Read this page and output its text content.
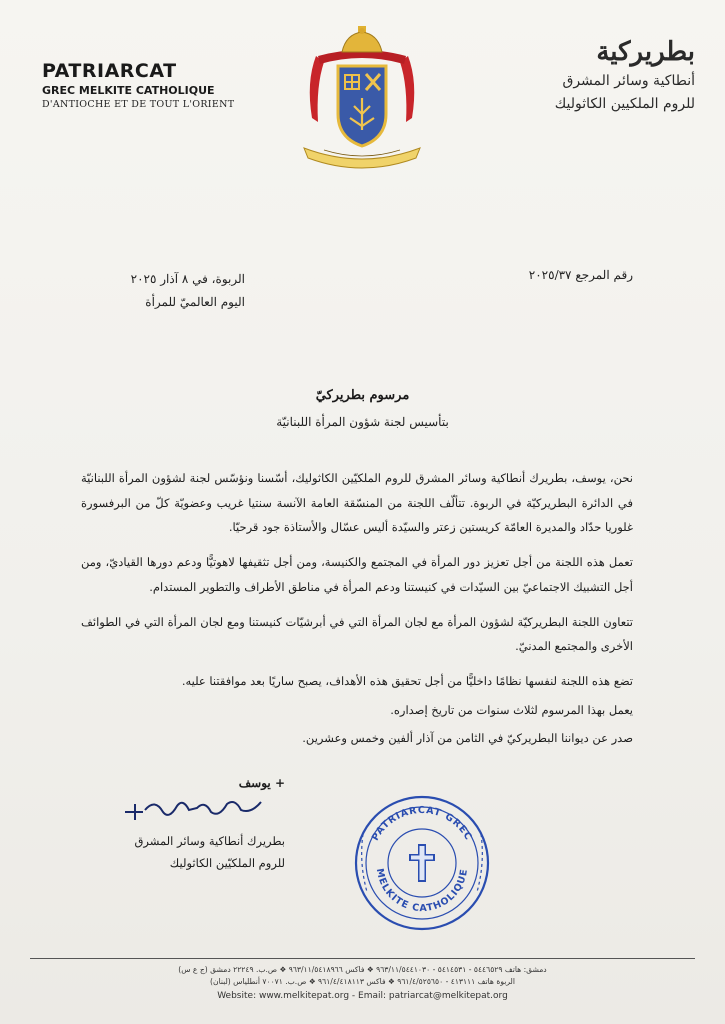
PATRIARCAT
GREC MELKITE CATHOLIQUE
D'ANTIOCHE ET DE TOUT L'ORIENT
بطريركية
أنطاكية وسائر المشرق
للروم الملكيين الكاثوليك
الربوة، في ٨ آذار ٢٠٢٥
اليوم العالميّ للمرأة
رقم المرجع ٢٠٢٥/٣٧
مرسوم بطريركيّ
بتأسيس لجنة شؤون المرأة اللبنانيّة

نحن، يوسف، بطريرك أنطاكية وسائر المشرق للروم الملكيّين الكاثوليك، أسّسنا ونؤسّس لجنة لشؤون المرأة اللبنانيّة في الدائرة البطريركيّة في الربوة. تتألّف اللجنة من المنسّقة العامة الآنسة سنتيا غريب وعضويّة كلّ من البرفسورة غلوريا حدّاد والمديرة العامّة كريستين زعتر والسيّدة أليس عسّال والأستاذة جود قرحيّا.

تعمل هذه اللجنة من أجل تعزيز دور المرأة في المجتمع والكنيسة، ومن أجل تثقيفها لاهوتيًّا ودعم دورها القياديّ، ومن أجل التشبيك الاجتماعيّ بين السيّدات في كنيستنا ودعم المرأة في مناطق الأطراف والتطوير المستدام.

تتعاون اللجنة البطريركيّة لشؤون المرأة مع لجان المرأة التي في أبرشيّات كنيستنا ومع لجان المرأة التي في الطوائف الأخرى والمجتمع المدنيّ.

تضع هذه اللجنة لنفسها نظامًا داخليًّا من أجل تحقيق هذه الأهداف، يصبح ساريًا بعد موافقتنا عليه.

يعمل بهذا المرسوم لثلاث سنوات من تاريخ إصداره.

صدر عن ديواننا البطريركيّ في الثامن من آذار ألفين وخمس وعشرين.

+ يوسف
بطريرك أنطاكية وسائر المشرق
للروم الملكيّين الكاثوليك
PATRIARCAT GREC
MELKITE CATHOLIQUE
دمشق: هاتف ٥٤٤٦٥٢٩ - ٥٤١٤٥٣١ - ٩٦٣/١١/٥٤٤١٠٣٠ ❖ فاكس ٩٦٣/١١/٥٤١٨٩٦٦ ❖ ص.ب. ٢٢٢٤٩ دمشق (ج ع س)
الربوة هاتف ٤١٣١١١ - ٩٦١/٤/٥٢٥٦٥٠ ❖ فاكس ٩٦١/٤/٤١٨١١٣ ❖ ص.ب. ٧٠٠٧١ أنطلياس (لبنان)
Website: www.melkitepat.org - Email: patriarcat@melkitepat.org
